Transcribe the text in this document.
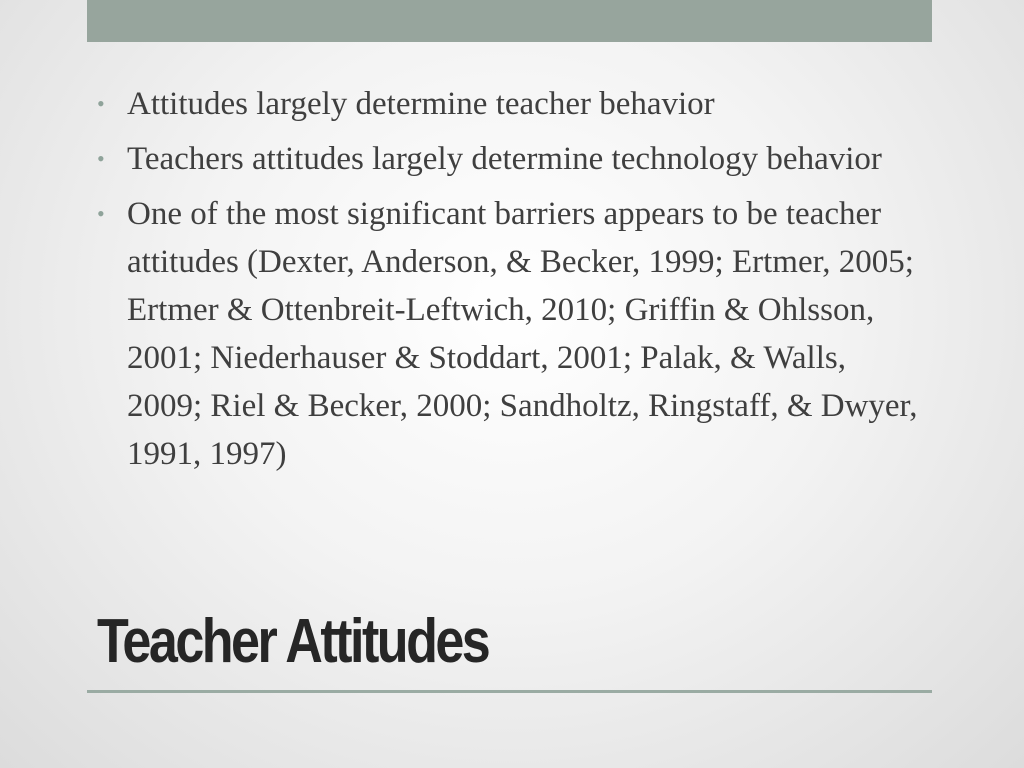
• Attitudes largely determine teacher behavior
• Teachers attitudes largely determine technology behavior
• One of the most significant barriers appears to be teacher attitudes (Dexter, Anderson, & Becker, 1999; Ertmer, 2005; Ertmer & Ottenbreit-Leftwich, 2010; Griffin & Ohlsson, 2001; Niederhauser & Stoddart, 2001; Palak, & Walls, 2009; Riel & Becker, 2000; Sandholtz, Ringstaff, & Dwyer, 1991, 1997)
Teacher Attitudes
